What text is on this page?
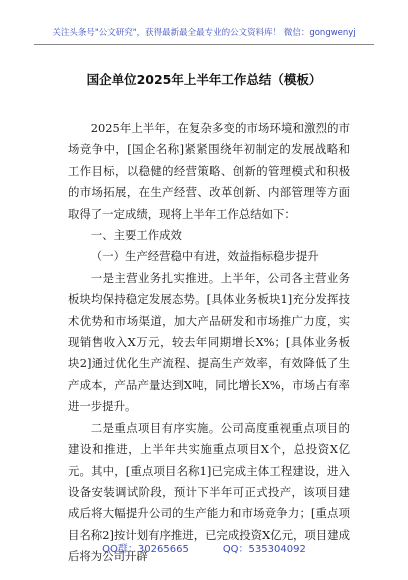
关注头条号"公文研究"，获得最新最全最专业的公文资料库！ 微信：gongwenyj
国企单位2025年上半年工作总结（模板）

2025年上半年，在复杂多变的市场环境和激烈的市场竞争中，[国企名称]紧紧围绕年初制定的发展战略和工作目标，以稳健的经营策略、创新的管理模式和积极的市场拓展，在生产经营、改革创新、内部管理等方面取得了一定成绩，现将上半年工作总结如下：

一、主要工作成效

（一）生产经营稳中有进，效益指标稳步提升

一是主营业务扎实推进。上半年，公司各主营业务板块均保持稳定发展态势。[具体业务板块1]充分发挥技术优势和市场渠道，加大产品研发和市场推广力度，实现销售收入X万元，较去年同期增长X%；[具体业务板块2]通过优化生产流程、提高生产效率，有效降低了生产成本，产品产量达到X吨，同比增长X%，市场占有率进一步提升。

二是重点项目有序实施。公司高度重视重点项目的建设和推进，上半年共实施重点项目X个，总投资X亿元。其中，[重点项目名称1]已完成主体工程建设，进入设备安装调试阶段，预计下半年可正式投产，该项目建成后将大幅提升公司的生产能力和市场竞争力；[重点项目名称2]按计划有序推进，已完成投资X亿元，项目建成后将为公司开辟

QQ群：30265665	QQ：535304092
